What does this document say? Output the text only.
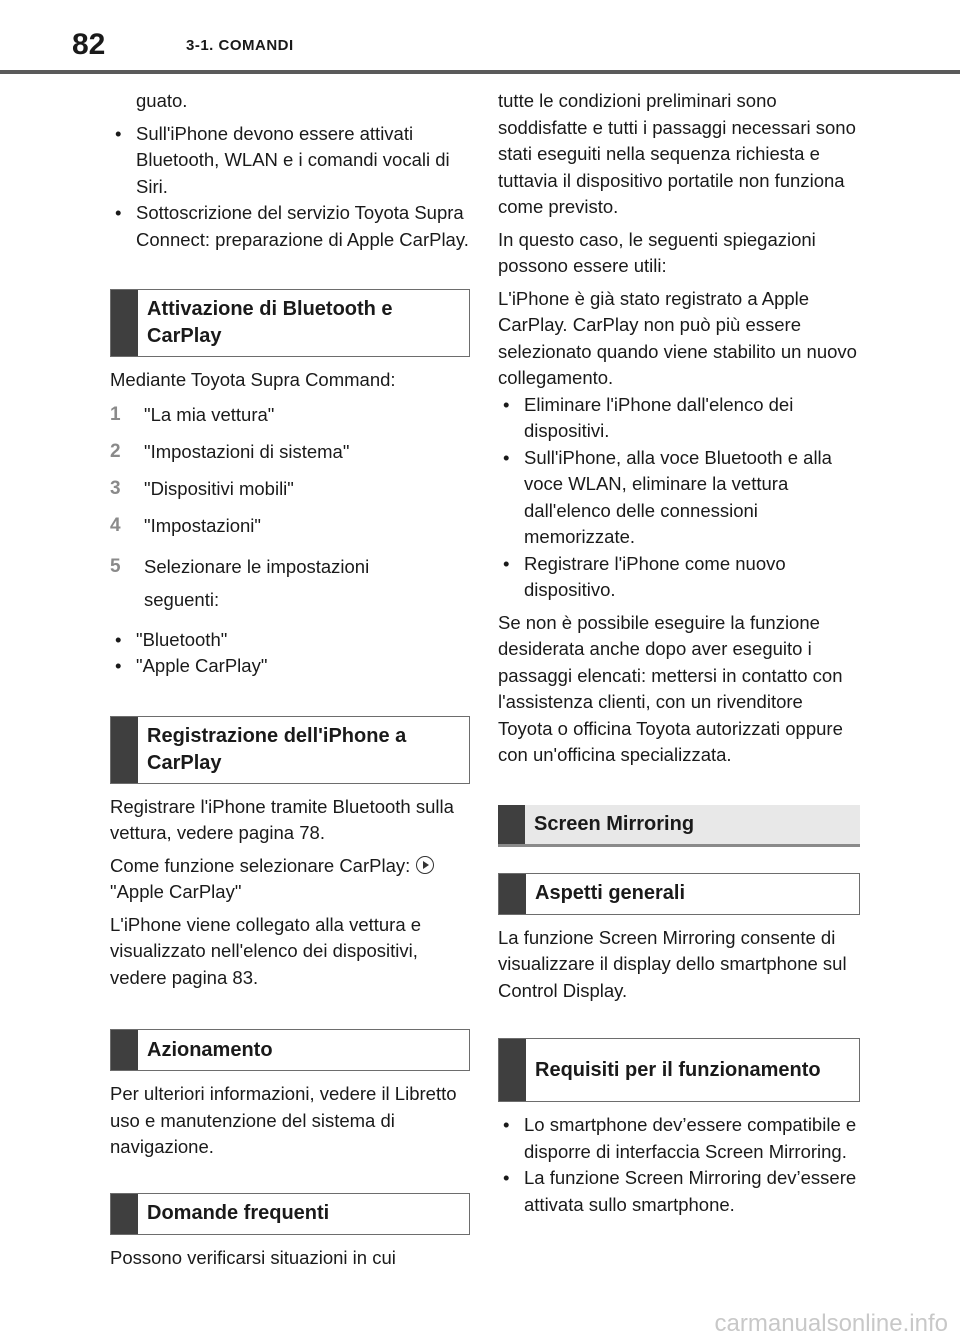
82	3-1. COMANDI

guato.

• Sull'iPhone devono essere attivati Bluetooth, WLAN e i comandi vocali di Siri.
• Sottoscrizione del servizio Toyota Supra Connect: preparazione di Apple CarPlay.
Attivazione di Bluetooth e CarPlay

Mediante Toyota Supra Command:

1	"La mia vettura"
2	"Impostazioni di sistema"
3	"Dispositivi mobili"
4	"Impostazioni"
5	Selezionare le impostazioni seguenti:
• "Bluetooth"
• "Apple CarPlay"
Registrazione dell'iPhone a CarPlay

Registrare l'iPhone tramite Bluetooth sulla vettura, vedere pagina 78.

Come funzione selezionare CarPlay:
"Apple CarPlay"

L'iPhone viene collegato alla vettura e visualizzato nell'elenco dei dispositivi, vedere pagina 83.

Azionamento

Per ulteriori informazioni, vedere il Libretto uso e manutenzione del sistema di navigazione.

Domande frequenti

Possono verificarsi situazioni in cui

tutte le condizioni preliminari sono soddisfatte e tutti i passaggi necessari sono stati eseguiti nella sequenza richiesta e tuttavia il dispositivo portatile non funziona come previsto.

In questo caso, le seguenti spiegazioni possono essere utili:

L'iPhone è già stato registrato a Apple CarPlay. CarPlay non può più essere selezionato quando viene stabilito un nuovo collegamento.

• Eliminare l'iPhone dall'elenco dei dispositivi.
• Sull'iPhone, alla voce Bluetooth e alla voce WLAN, eliminare la vettura dall'elenco delle connessioni memorizzate.
• Registrare l'iPhone come nuovo dispositivo.

Se non è possibile eseguire la funzione desiderata anche dopo aver eseguito i passaggi elencati: mettersi in contatto con l'assistenza clienti, con un rivenditore Toyota o officina Toyota autorizzati oppure con un'officina specializzata.

Screen Mirroring
Aspetti generali

La funzione Screen Mirroring consente di visualizzare il display dello smartphone sul Control Display.

Requisiti per il funzionamento
• Lo smartphone dev’essere compatibile e disporre di interfaccia Screen Mirroring.
• La funzione Screen Mirroring dev’essere attivata sullo smartphone.
carmanualsonline.info
